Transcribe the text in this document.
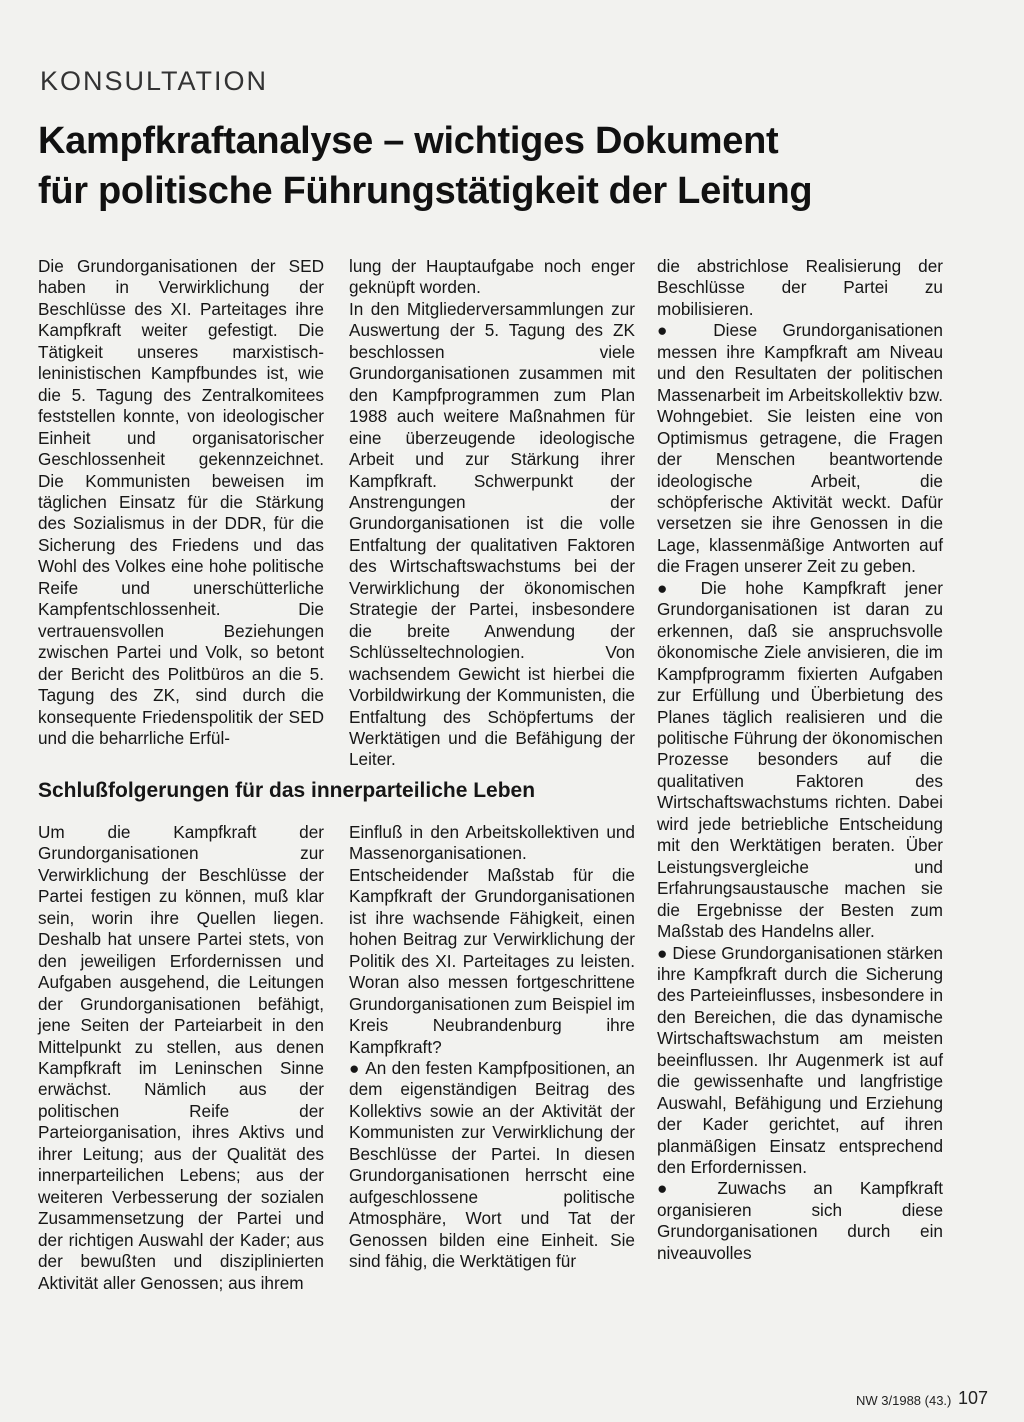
KONSULTATION
Kampfkraftanalyse – wichtiges Dokument
für politische Führungstätigkeit der Leitung

Die Grundorganisationen der SED haben in Verwirklichung der Beschlüsse des XI. Parteitages ihre Kampfkraft weiter gefestigt. Die Tätigkeit unseres marxistisch-leninistischen Kampfbundes ist, wie die 5. Tagung des Zentralkomitees feststellen konnte, von ideologischer Einheit und organisatorischer Geschlossenheit gekennzeichnet. Die Kommunisten beweisen im täglichen Einsatz für die Stärkung des Sozialismus in der DDR, für die Sicherung des Friedens und das Wohl des Volkes eine hohe politische Reife und unerschütterliche Kampfentschlossenheit. Die vertrauensvollen Beziehungen zwischen Partei und Volk, so betont der Bericht des Politbüros an die 5. Tagung des ZK, sind durch die konsequente Friedenspolitik der SED und die beharrliche Erfül-

lung der Hauptaufgabe noch enger geknüpft worden.

In den Mitgliederversammlungen zur Auswertung der 5. Tagung des ZK beschlossen viele Grundorganisationen zusammen mit den Kampfprogrammen zum Plan 1988 auch weitere Maßnahmen für eine überzeugende ideologische Arbeit und zur Stärkung ihrer Kampfkraft. Schwerpunkt der Anstrengungen der Grundorganisationen ist die volle Entfaltung der qualitativen Faktoren des Wirtschaftswachstums bei der Verwirklichung der ökonomischen Strategie der Partei, insbesondere die breite Anwendung der Schlüsseltechnologien. Von wachsendem Gewicht ist hierbei die Vorbildwirkung der Kommunisten, die Entfaltung des Schöpfertums der Werktätigen und die Befähigung der Leiter.

die abstrichlose Realisierung der Beschlüsse der Partei zu mobilisieren.

● Diese Grundorganisationen messen ihre Kampfkraft am Niveau und den Resultaten der politischen Massenarbeit im Arbeitskollektiv bzw. Wohngebiet. Sie leisten eine von Optimismus getragene, die Fragen der Menschen beantwortende ideologische Arbeit, die schöpferische Aktivität weckt. Dafür versetzen sie ihre Genossen in die Lage, klassenmäßige Antworten auf die Fragen unserer Zeit zu geben.

● Die hohe Kampfkraft jener Grundorganisationen ist daran zu erkennen, daß sie anspruchsvolle ökonomische Ziele anvisieren, die im Kampfprogramm fixierten Aufgaben zur Erfüllung und Überbietung des Planes täglich realisieren und die politische Führung der ökonomischen Prozesse besonders auf die qualitativen Faktoren des Wirtschaftswachstums richten. Dabei wird jede betriebliche Entscheidung mit den Werktätigen beraten. Über Leistungsvergleiche und Erfahrungsaustausche machen sie die Ergebnisse der Besten zum Maßstab des Handelns aller.

● Diese Grundorganisationen stärken ihre Kampfkraft durch die Sicherung des Parteieinflusses, insbesondere in den Bereichen, die das dynamische Wirtschaftswachstum am meisten beeinflussen. Ihr Augenmerk ist auf die gewissenhafte und langfristige Auswahl, Befähigung und Erziehung der Kader gerichtet, auf ihren planmäßigen Einsatz entsprechend den Erfordernissen.

● Zuwachs an Kampfkraft organisieren sich diese Grundorganisationen durch ein niveauvolles

Schlußfolgerungen für das innerparteiliche Leben

Um die Kampfkraft der Grundorganisationen zur Verwirklichung der Beschlüsse der Partei festigen zu können, muß klar sein, worin ihre Quellen liegen. Deshalb hat unsere Partei stets, von den jeweiligen Erfordernissen und Aufgaben ausgehend, die Leitungen der Grundorganisationen befähigt, jene Seiten der Parteiarbeit in den Mittelpunkt zu stellen, aus denen Kampfkraft im Leninschen Sinne erwächst. Nämlich aus der politischen Reife der Parteiorganisation, ihres Aktivs und ihrer Leitung; aus der Qualität des innerparteilichen Lebens; aus der weiteren Verbesserung der sozialen Zusammensetzung der Partei und der richtigen Auswahl der Kader; aus der bewußten und disziplinierten Aktivität aller Genossen; aus ihrem

Einfluß in den Arbeitskollektiven und Massenorganisationen.

Entscheidender Maßstab für die Kampfkraft der Grundorganisationen ist ihre wachsende Fähigkeit, einen hohen Beitrag zur Verwirklichung der Politik des XI. Parteitages zu leisten. Woran also messen fortgeschrittene Grundorganisationen zum Beispiel im Kreis Neubrandenburg ihre Kampfkraft?

● An den festen Kampfpositionen, an dem eigenständigen Beitrag des Kollektivs sowie an der Aktivität der Kommunisten zur Verwirklichung der Beschlüsse der Partei. In diesen Grundorganisationen herrscht eine aufgeschlossene politische Atmosphäre, Wort und Tat der Genossen bilden eine Einheit. Sie sind fähig, die Werktätigen für

NW 3/1988 (43.) 107
